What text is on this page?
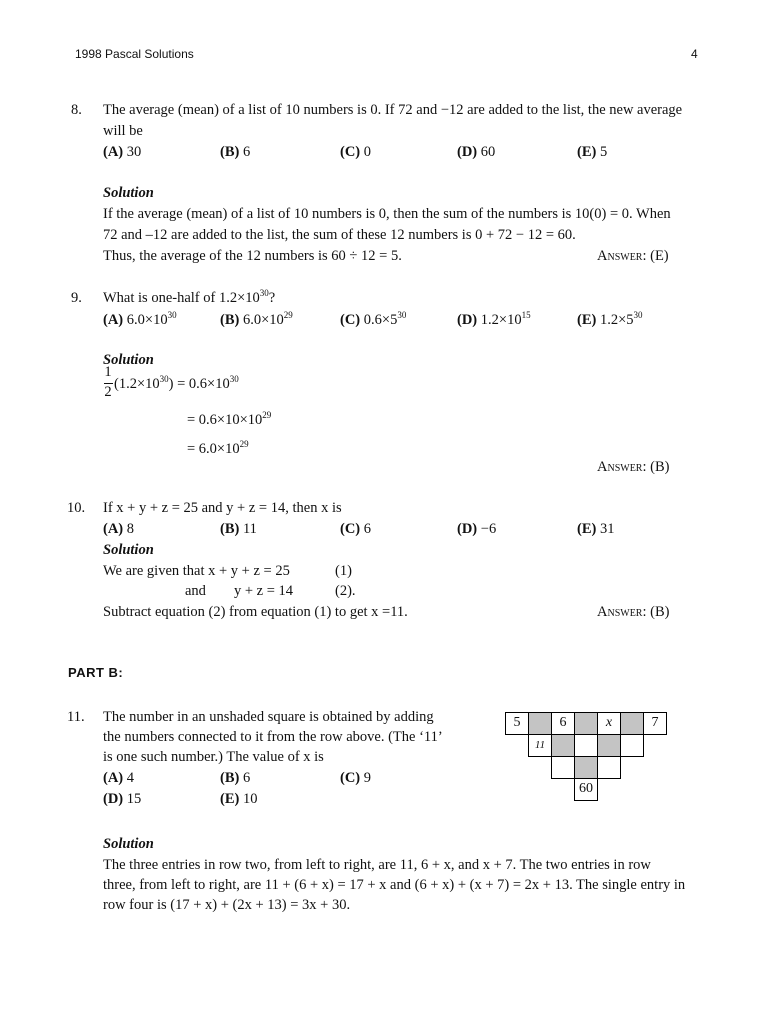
1998 Pascal Solutions	4
8. The average (mean) of a list of 10 numbers is 0. If 72 and −12 are added to the list, the new average
will be
(A) 30	(B) 6	(C) 0	(D) 60	(E) 5
Solution
If the average (mean) of a list of 10 numbers is 0, then the sum of the numbers is 10(0) = 0. When
72 and –12 are added to the list, the sum of these 12 numbers is 0 + 72 − 12 = 60.
Thus, the average of the 12 numbers is 60 ÷ 12 = 5.	Answer: (E)
9. What is one-half of $1.2\times 10^{30}$?
(A) $6.0\times 10^{30}$	(B) $6.0\times 10^{29}$	(C) $0.6\times 5^{30}$	(D) $1.2\times 10^{15}$	(E) $1.2\times 5^{30}$
Solution
1
2 $(1.2\times 10^{30}) = 0.6\times 10^{30}$
= $0.6\times 10\times 10^{29}$
= $6.0\times 10^{29}$
Answer: (B)
10. If x + y + z = 25 and y + z = 14, then x is
(A) 8	(B) 11	(C) 6	(D) −6	(E) 31
Solution
We are given that x + y + z = 25	(1)
and y + z = 14	(2).
Subtract equation (2) from equation (1) to get x =11.	Answer: (B)
PART B:
11. The number in an unshaded square is obtained by adding
the numbers connected to it from the row above. (The ‘11’
is one such number.) The value of x is
(A) 4	(B) 6	(C) 9
(D) 15	(E) 10
5	6	x	7
11
60
Solution
The three entries in row two, from left to right, are 11, 6 + x, and x + 7. The two entries in row
three, from left to right, are 11 + (6 + x) = 17 + x and (6 + x) + (x + 7) = 2x + 13. The single entry in
row four is (17 + x) + (2x + 13) = 3x + 30.
